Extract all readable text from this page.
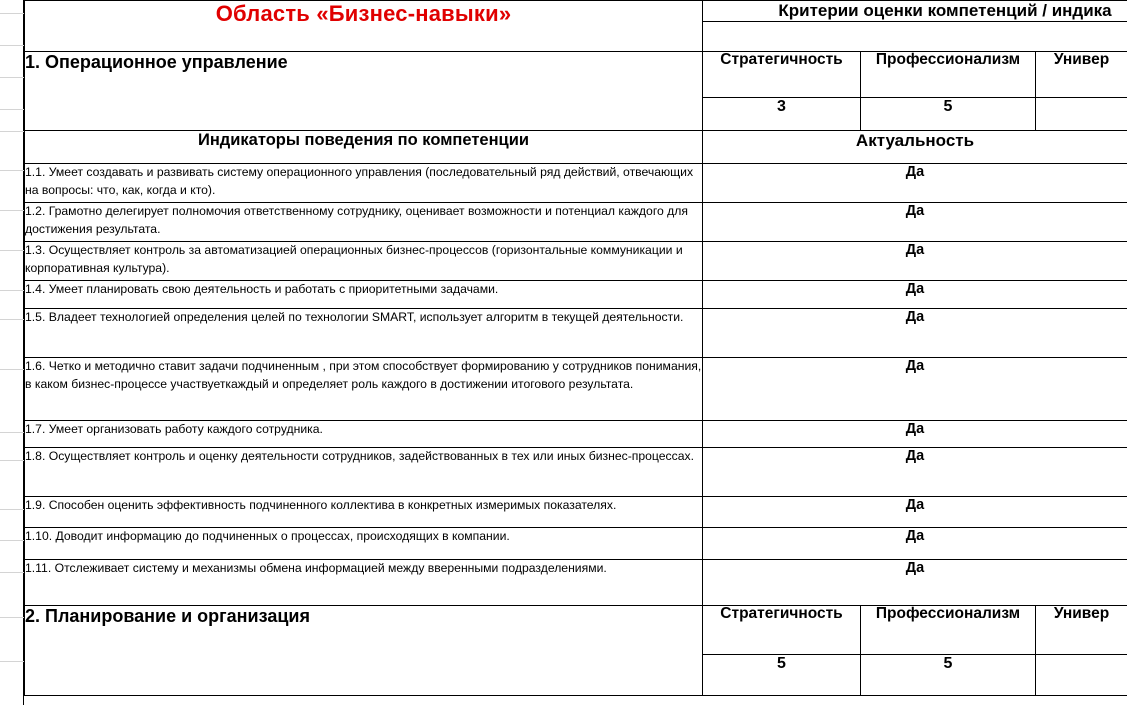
Область «Бизнес-навыки»	Критерии оценки компетенций / индика		

1. Операционное управление	Стратегичность	Профессионализм	Универ
	3	5	
Индикаторы поведения по компетенции	Актуальность		
1.1. Умеет создавать и развивать систему операционного управления (последовательный ряд действий, отвечающих на вопросы: что, как, когда и кто).	Да		
1.2. Грамотно делегирует полномочия ответственному сотруднику, оценивает возможности и потенциал каждого для достижения результата.	Да		
1.3. Осуществляет контроль за автоматизацией операционных бизнес-процессов (горизонтальные коммуникации и корпоративная культура).	Да		
1.4. Умеет планировать свою деятельность и работать с приоритетными задачами.	Да		
1.5. Владеет технологией определения целей по технологии SMART, использует алгоритм в текущей деятельности.	Да		
1.6. Четко и методично ставит задачи подчиненным , при этом способствует формированию у сотрудников понимания, в каком бизнес-процессе участвуеткаждый и определяет роль каждого в достижении итогового результата.	Да		
1.7. Умеет организовать работу каждого сотрудника.	Да		
1.8. Осуществляет контроль и оценку деятельности сотрудников, задействованных в тех или иных бизнес-процессах.	Да		
1.9. Способен оценить эффективность подчиненного коллектива в конкретных измеримых показателях.	Да		
1.10. Доводит информацию до подчиненных о процессах, происходящих в компании.	Да		
1.11. Отслеживает систему и механизмы обмена информацией между вверенными подразделениями.	Да		
2. Планирование и организация	Стратегичность	Профессионализм	Универ
	5	5	
